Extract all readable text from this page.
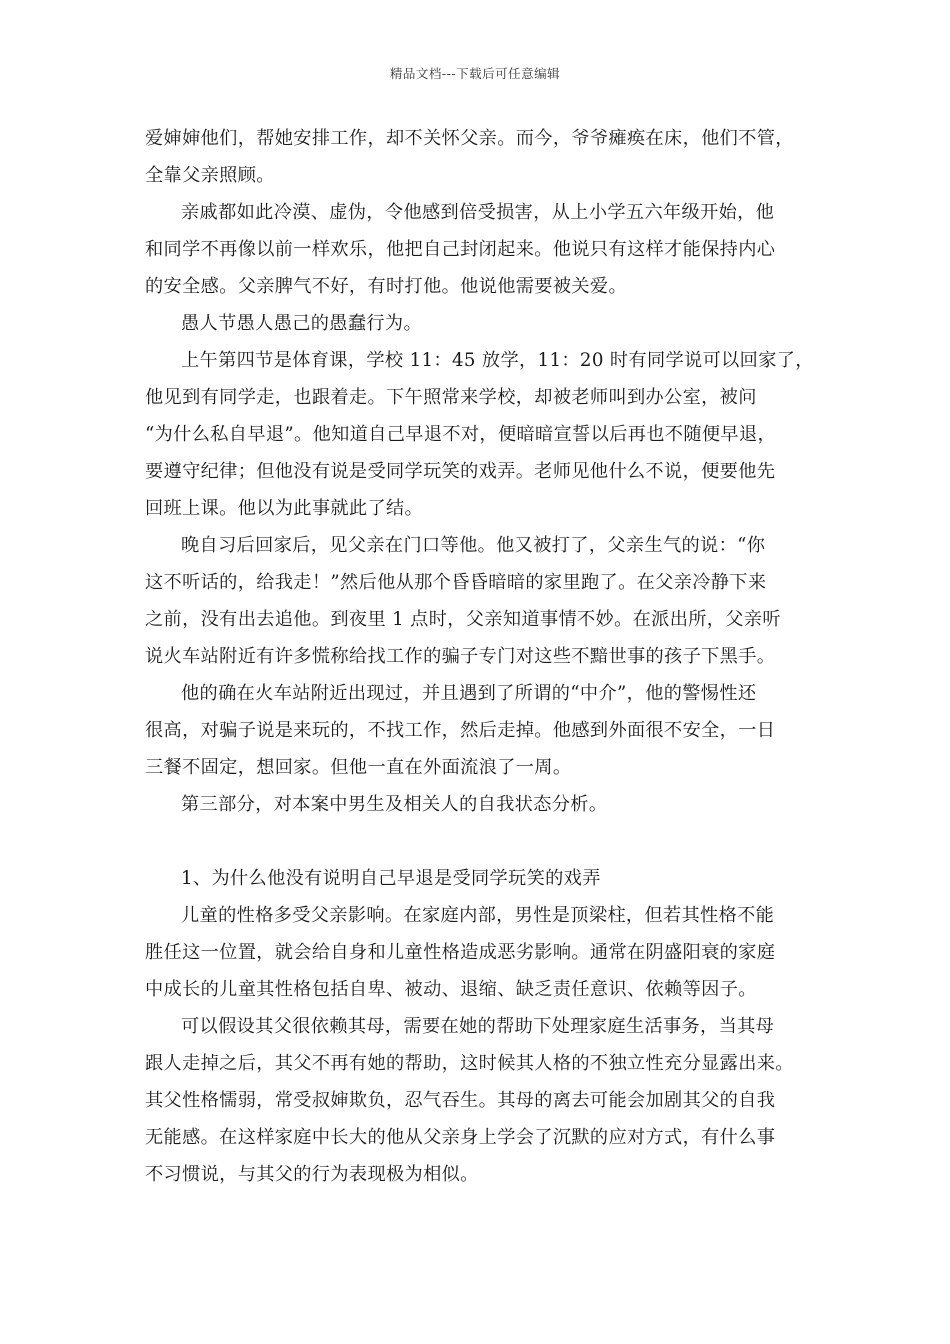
精品文档---下载后可任意编辑
爱婶婶他们，帮她安排工作，却不关怀父亲。而今，爷爷瘫痪在床，他们不管，
全靠父亲照顾。
亲戚都如此冷漠、虚伪，令他感到倍受损害，从上小学五六年级开始，他
和同学不再像以前一样欢乐，他把自己封闭起来。他说只有这样才能保持内心
的安全感。父亲脾气不好，有时打他。他说他需要被关爱。
愚人节愚人愚己的愚蠢行为。
上午第四节是体育课，学校 11：45 放学，11：20 时有同学说可以回家了，
他见到有同学走，也跟着走。下午照常来学校，却被老师叫到办公室，被问
“为什么私自早退”。他知道自己早退不对，便暗暗宣誓以后再也不随便早退，
要遵守纪律；但他没有说是受同学玩笑的戏弄。老师见他什么不说，便要他先
回班上课。他以为此事就此了结。
晚自习后回家后，见父亲在门口等他。他又被打了，父亲生气的说：“你
这不听话的，给我走！”然后他从那个昏昏暗暗的家里跑了。在父亲冷静下来
之前，没有出去追他。到夜里 1 点时，父亲知道事情不妙。在派出所，父亲听
说火车站附近有许多慌称给找工作的骗子专门对这些不黯世事的孩子下黑手。
他的确在火车站附近出现过，并且遇到了所谓的“中介”，他的警惕性还
很高，对骗子说是来玩的，不找工作，然后走掉。他感到外面很不安全，一日
三餐不固定，想回家。但他一直在外面流浪了一周。
第三部分，对本案中男生及相关人的自我状态分析。
1、为什么他没有说明自己早退是受同学玩笑的戏弄
儿童的性格多受父亲影响。在家庭内部，男性是顶梁柱，但若其性格不能
胜任这一位置，就会给自身和儿童性格造成恶劣影响。通常在阴盛阳衰的家庭
中成长的儿童其性格包括自卑、被动、退缩、缺乏责任意识、依赖等因子。
可以假设其父很依赖其母，需要在她的帮助下处理家庭生活事务，当其母
跟人走掉之后，其父不再有她的帮助，这时候其人格的不独立性充分显露出来。
其父性格懦弱，常受叔婶欺负，忍气吞生。其母的离去可能会加剧其父的自我
无能感。在这样家庭中长大的他从父亲身上学会了沉默的应对方式，有什么事
不习惯说，与其父的行为表现极为相似。
